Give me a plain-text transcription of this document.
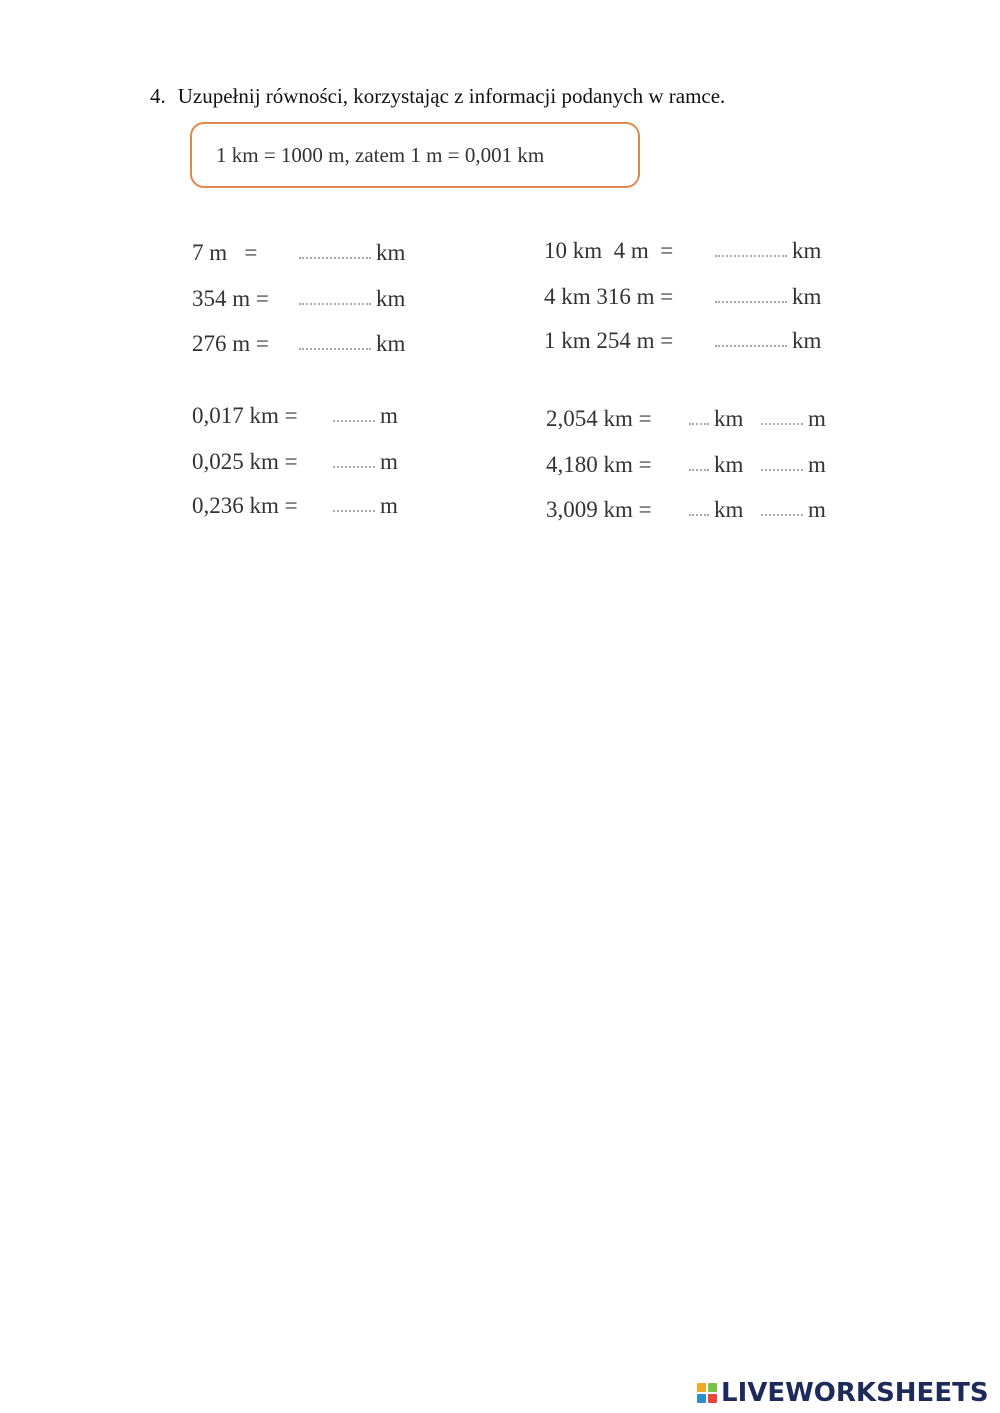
4. Uzupełnij równości, korzystając z informacji podanych w ramce.
1 km = 1000 m, zatem 1 m = 0,001 km
7 m   =	km
354 m =	km
276 m =	km
10 km  4 m  =	km
4 km 316 m =	km
1 km 254 m =	km
0,017 km =	m
0,025 km =	m
0,236 km =	m
2,054 km =	km	m
4,180 km =	km	m
3,009 km =	km	m
LIVEWORKSHEETS
